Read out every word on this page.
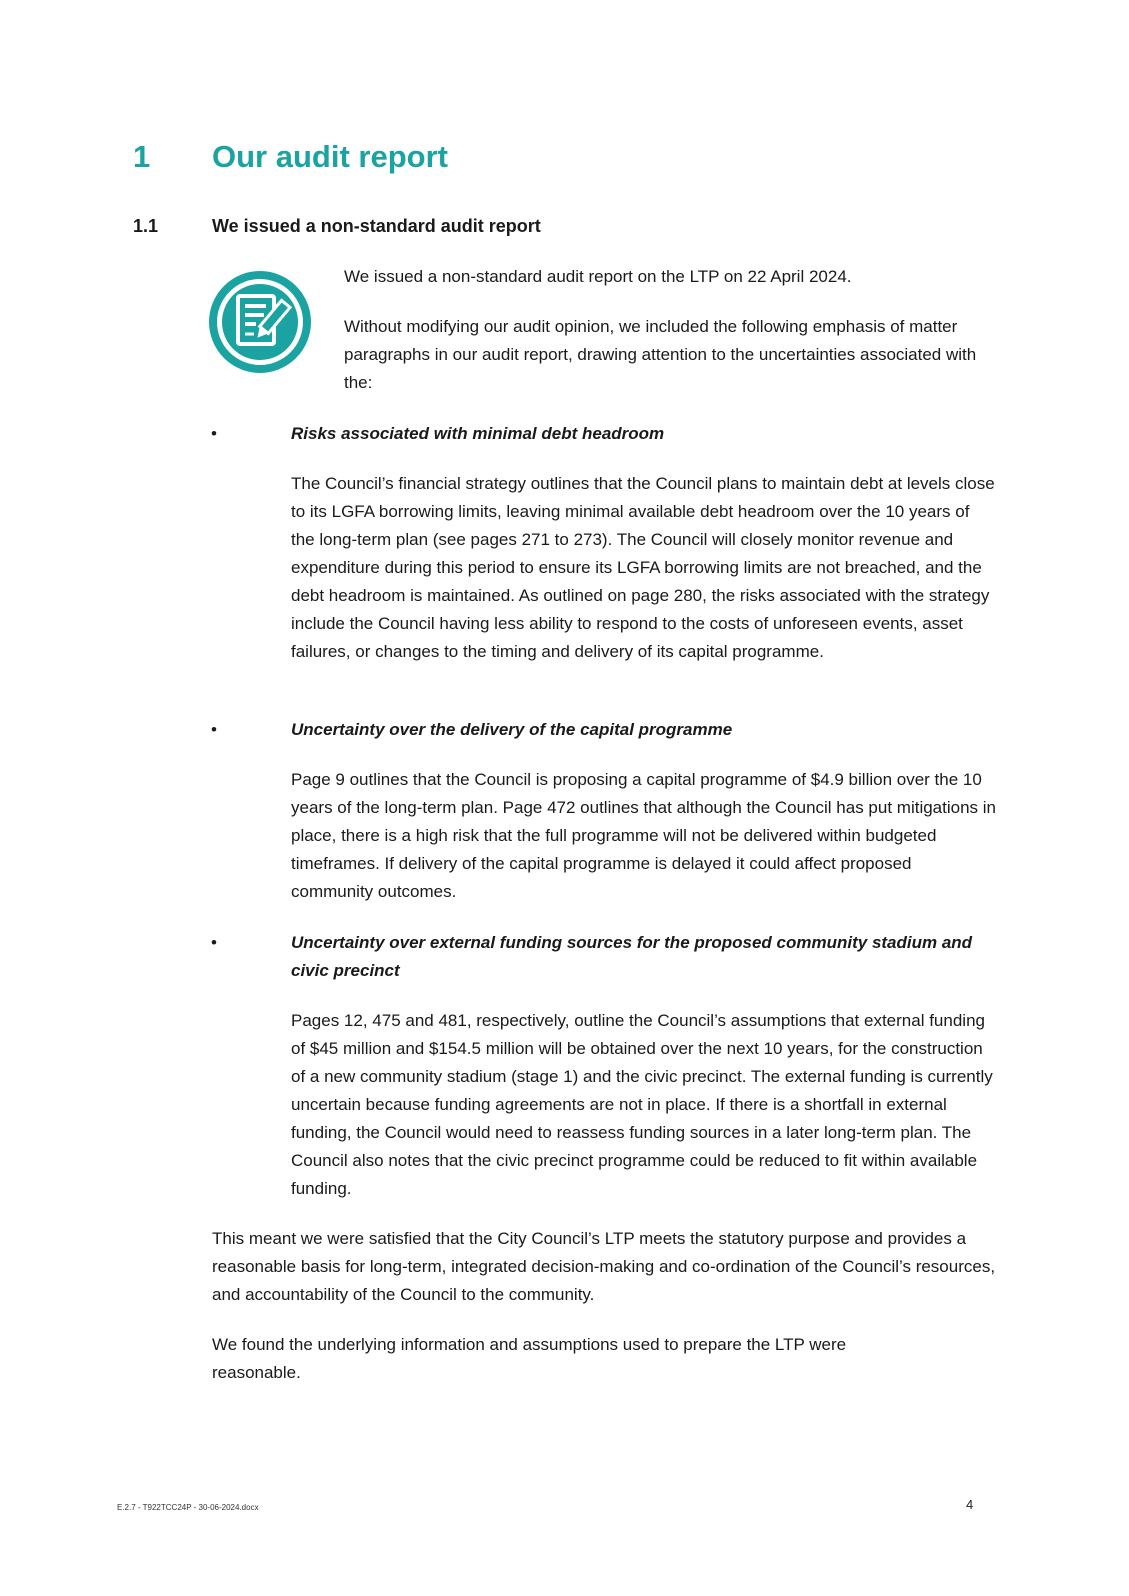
1 Our audit report
1.1	We issued a non-standard audit report

We issued a non-standard audit report on the LTP on 22 April 2024.

Without modifying our audit opinion, we included the following emphasis of matter paragraphs in our audit report, drawing attention to the uncertainties associated with the:

•	Risks associated with minimal debt headroom

The Council’s financial strategy outlines that the Council plans to maintain debt at levels close to its LGFA borrowing limits, leaving minimal available debt headroom over the 10 years of the long-term plan (see pages 271 to 273). The Council will closely monitor revenue and expenditure during this period to ensure its LGFA borrowing limits are not breached, and the debt headroom is maintained. As outlined on page 280, the risks associated with the strategy include the Council having less ability to respond to the costs of unforeseen events, asset failures, or changes to the timing and delivery of its capital programme.

•	Uncertainty over the delivery of the capital programme

Page 9 outlines that the Council is proposing a capital programme of $4.9 billion over the 10 years of the long-term plan. Page 472 outlines that although the Council has put mitigations in place, there is a high risk that the full programme will not be delivered within budgeted timeframes. If delivery of the capital programme is delayed it could affect proposed community outcomes.

•	Uncertainty over external funding sources for the proposed community stadium and civic precinct

Pages 12, 475 and 481, respectively, outline the Council’s assumptions that external funding of $45 million and $154.5 million will be obtained over the next 10 years, for the construction of a new community stadium (stage 1) and the civic precinct. The external funding is currently uncertain because funding agreements are not in place. If there is a shortfall in external funding, the Council would need to reassess funding sources in a later long-term plan. The Council also notes that the civic precinct programme could be reduced to fit within available funding.

This meant we were satisfied that the City Council’s LTP meets the statutory purpose and provides a reasonable basis for long-term, integrated decision-making and co-ordination of the Council’s resources, and accountability of the Council to the community.

We found the underlying information and assumptions used to prepare the LTP were reasonable.

E.2.7 - T922TCC24P - 30-06-2024.docx	4
